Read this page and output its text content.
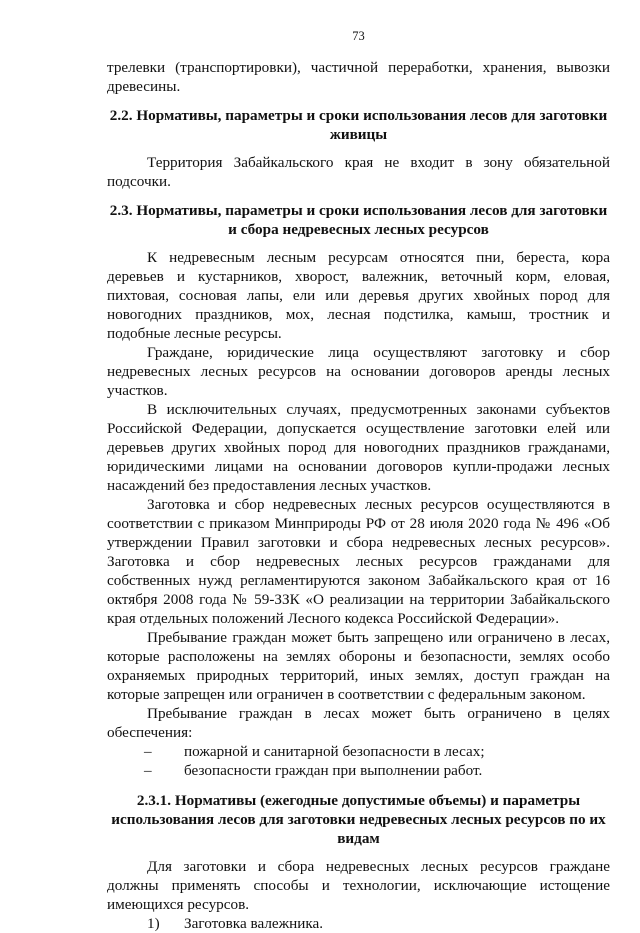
73

трелевки (транспортировки), частичной переработки, хранения, вывозки древесины.

2.2. Нормативы, параметры и сроки использования лесов для заготовки живицы

Территория Забайкальского края не входит в зону обязательной подсочки.

2.3. Нормативы, параметры и сроки использования лесов для заготовки и сбора недревесных лесных ресурсов

К недревесным лесным ресурсам относятся пни, береста, кора деревьев и кустарников, хворост, валежник, веточный корм, еловая, пихтовая, сосновая лапы, ели или деревья других хвойных пород для новогодних праздников, мох, лесная подстилка, камыш, тростник и подобные лесные ресурсы.

Граждане, юридические лица осуществляют заготовку и сбор недревесных лесных ресурсов на основании договоров аренды лесных участков.

В исключительных случаях, предусмотренных законами субъектов Российской Федерации, допускается осуществление заготовки елей или деревьев других хвойных пород для новогодних праздников гражданами, юридическими лицами на основании договоров купли-продажи лесных насаждений без предоставления лесных участков.

Заготовка и сбор недревесных лесных ресурсов осуществляются в соответствии с приказом Минприроды РФ от 28 июля 2020 года № 496 «Об утверждении Правил заготовки и сбора недревесных лесных ресурсов». Заготовка и сбор недревесных лесных ресурсов гражданами для собственных нужд регламентируются законом Забайкальского края от 16 октября 2008 года № 59-ЗЗК «О реализации на территории Забайкальского края отдельных положений Лесного кодекса Российской Федерации».

Пребывание граждан может быть запрещено или ограничено в лесах, которые расположены на землях обороны и безопасности, землях особо охраняемых природных территорий, иных землях, доступ граждан на которые запрещен или ограничен в соответствии с федеральным законом.

Пребывание граждан в лесах может быть ограничено в целях обеспечения:

– пожарной и санитарной безопасности в лесах;
– безопасности граждан при выполнении работ.
2.3.1. Нормативы (ежегодные допустимые объемы) и параметры использования лесов для заготовки недревесных лесных ресурсов по их видам

Для заготовки и сбора недревесных лесных ресурсов граждане должны применять способы и технологии, исключающие истощение имеющихся ресурсов.

1) Заготовка валежника.
